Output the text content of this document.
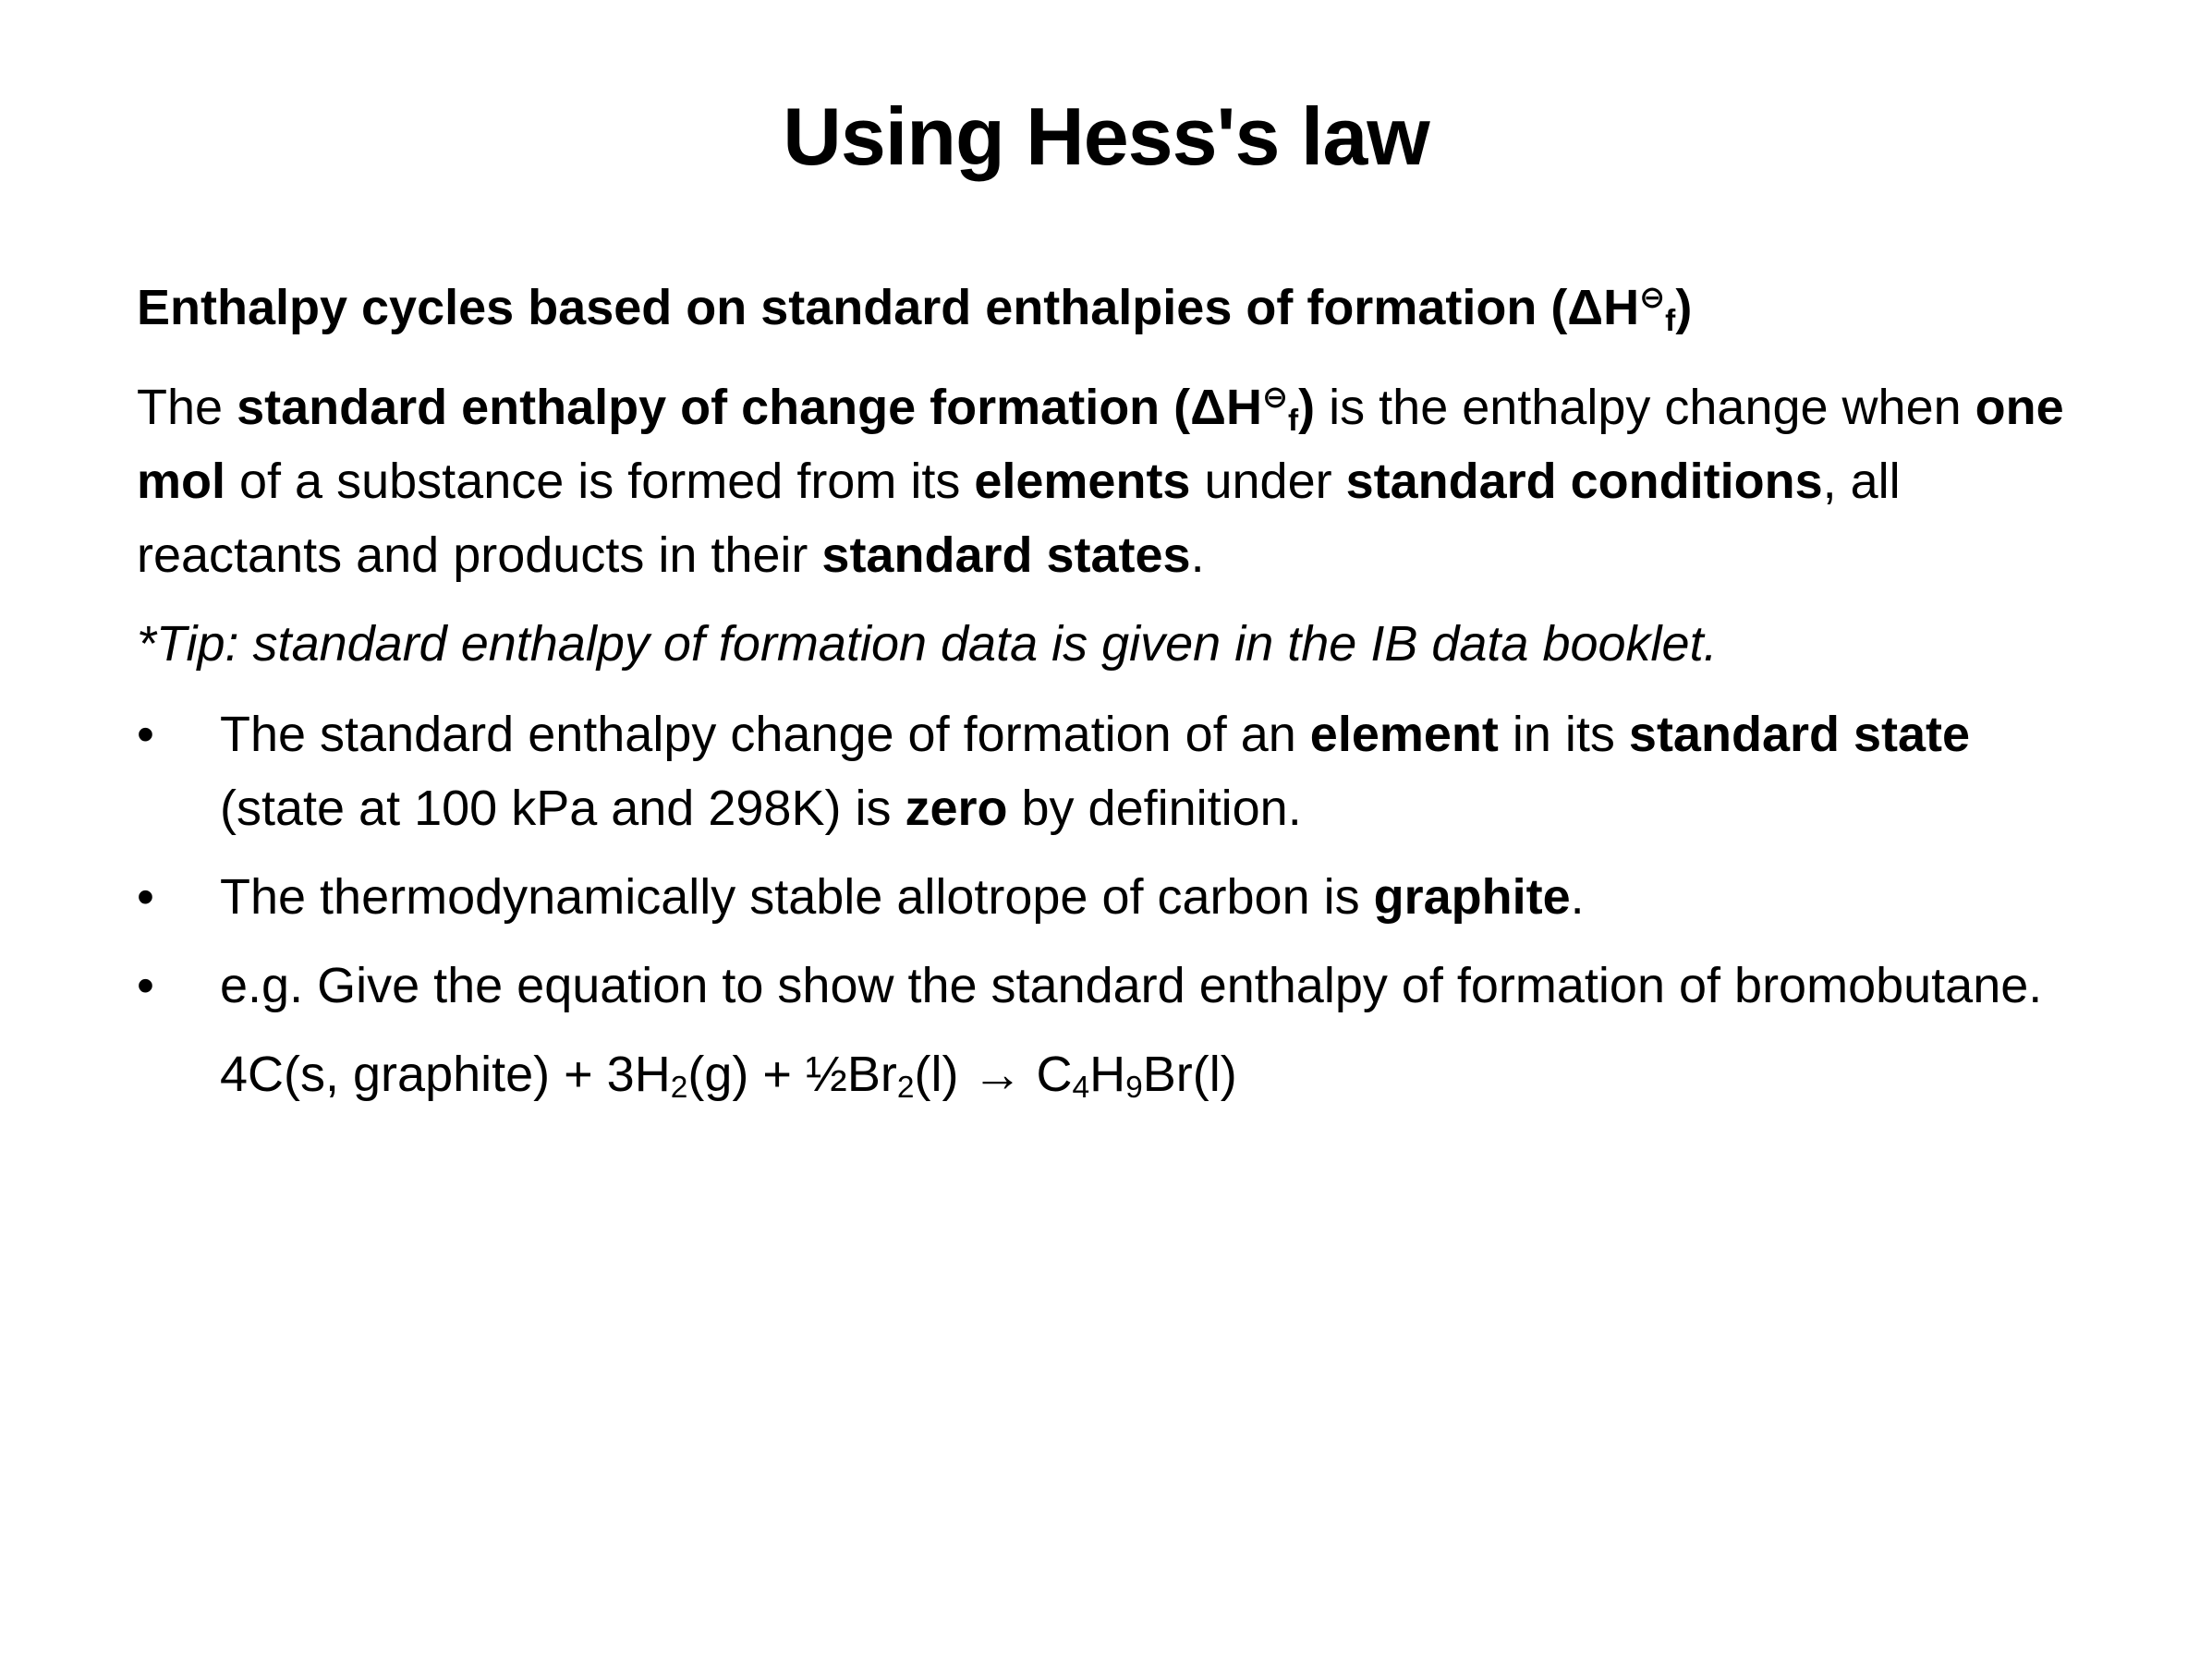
Using Hess's law
Enthalpy cycles based on standard enthalpies of formation (ΔH⊖f)
The standard enthalpy of change formation (ΔH⊖f) is the enthalpy change when one mol of a substance is formed from its elements under standard conditions, all reactants and products in their standard states.
*Tip: standard enthalpy of formation data is given in the IB data booklet.
•	The standard enthalpy change of formation of an element in its standard state (state at 100 kPa and 298K) is zero by definition.
•	The thermodynamically stable allotrope of carbon is graphite.
•	e.g. Give the equation to show the standard enthalpy of formation of bromobutane.
4C(s, graphite) + 3H2(g) + ½Br2(l) → C4H9Br(l)
